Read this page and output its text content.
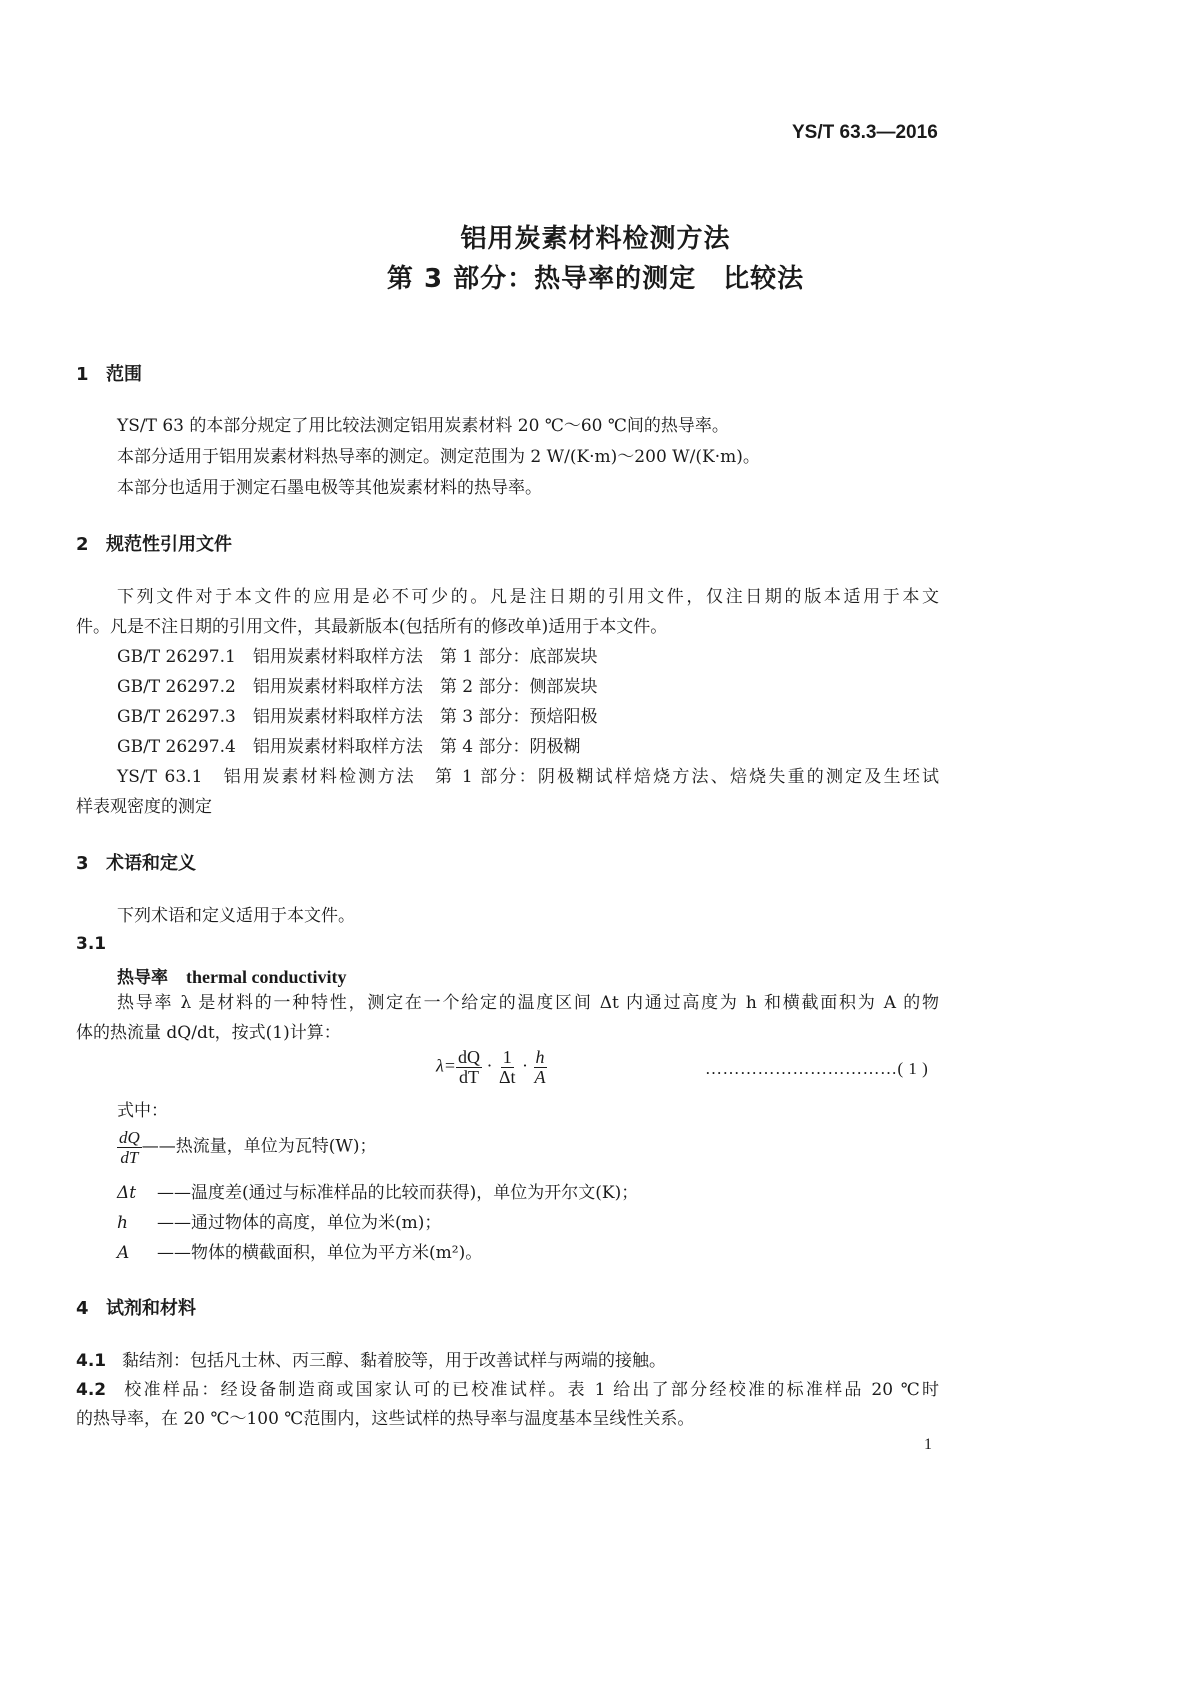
YS/T 63.3—2016
铝用炭素材料检测方法
第 3 部分：热导率的测定　比较法
1 范围
YS/T 63 的本部分规定了用比较法测定铝用炭素材料 20 ℃～60 ℃间的热导率。
本部分适用于铝用炭素材料热导率的测定。测定范围为 2 W/(K·m)～200 W/(K·m)。
本部分也适用于测定石墨电极等其他炭素材料的热导率。
2 规范性引用文件
下列文件对于本文件的应用是必不可少的。凡是注日期的引用文件，仅注日期的版本适用于本文
件。凡是不注日期的引用文件，其最新版本(包括所有的修改单)适用于本文件。
GB/T 26297.1　铝用炭素材料取样方法　第 1 部分：底部炭块
GB/T 26297.2　铝用炭素材料取样方法　第 2 部分：侧部炭块
GB/T 26297.3　铝用炭素材料取样方法　第 3 部分：预焙阳极
GB/T 26297.4　铝用炭素材料取样方法　第 4 部分：阴极糊
YS/T 63.1　铝用炭素材料检测方法　第 1 部分：阴极糊试样焙烧方法、焙烧失重的测定及生坯试
样表观密度的测定
3 术语和定义
下列术语和定义适用于本文件。
3.1
热导率 thermal conductivity
热导率 λ 是材料的一种特性，测定在一个给定的温度区间 Δt 内通过高度为 h 和横截面积为 A 的物
体的热流量 dQ/dt，按式(1)计算：
$\lambda= \frac{dQ}{dT} \cdot \frac{1}{\Delta t} \cdot \frac{h}{A}$	……………………………( 1 )
式中：
$\frac{dQ}{dT}$ ——热流量，单位为瓦特(W)；
Δt ——温度差(通过与标准样品的比较而获得)，单位为开尔文(K)；
h ——通过物体的高度，单位为米(m)；
A ——物体的横截面积，单位为平方米(m²)。
4 试剂和材料
4.1 黏结剂：包括凡士林、丙三醇、黏着胶等，用于改善试样与两端的接触。
4.2 校准样品：经设备制造商或国家认可的已校准试样。表 1 给出了部分经校准的标准样品 20 ℃时
的热导率，在 20 ℃～100 ℃范围内，这些试样的热导率与温度基本呈线性关系。
1
